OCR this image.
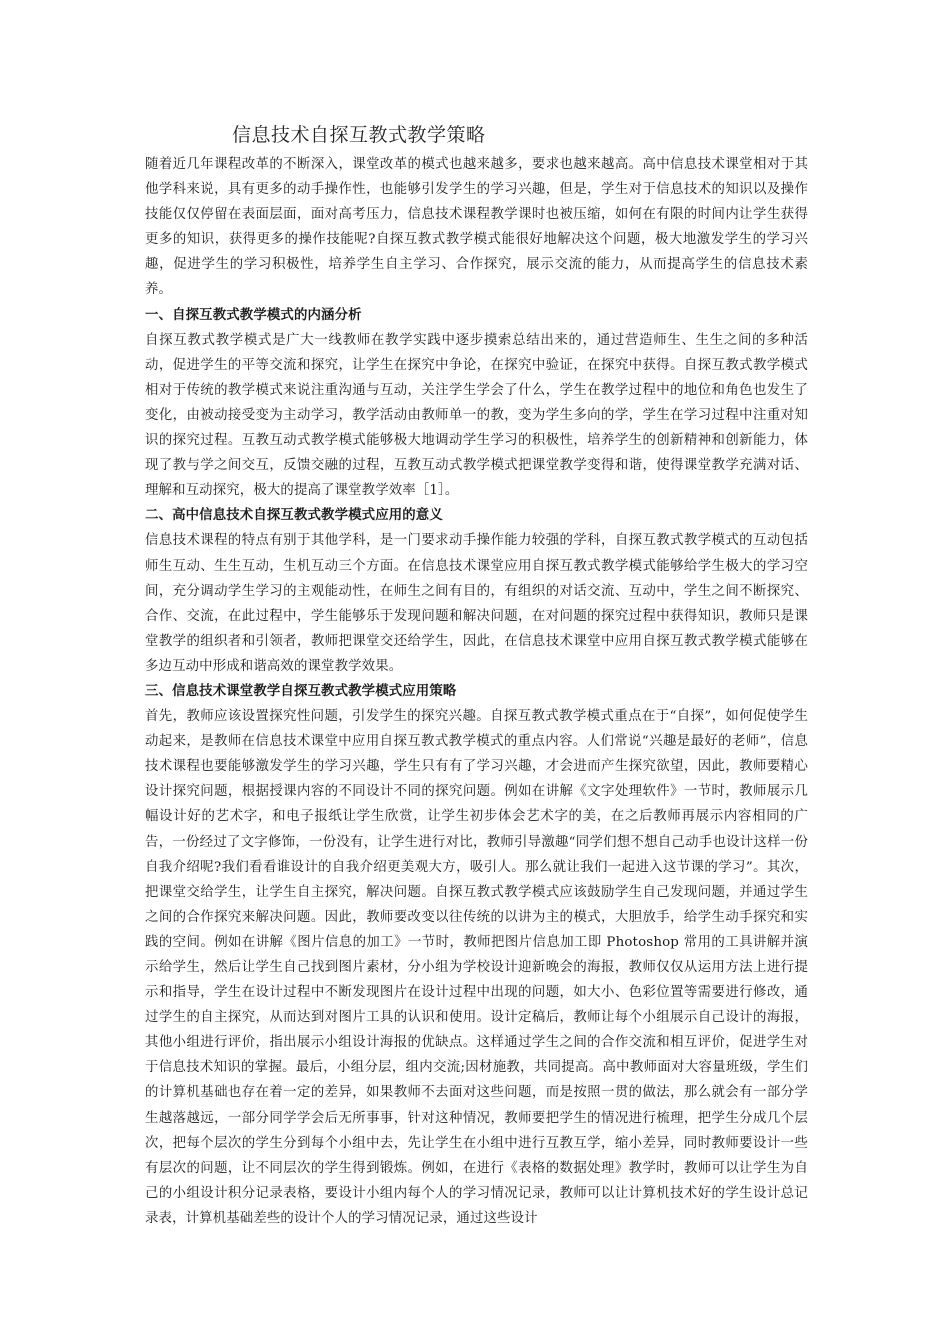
信息技术自探互教式教学策略

随着近几年课程改革的不断深入，课堂改革的模式也越来越多，要求也越来越高。高中信息技术课堂相对于其他学科来说，具有更多的动手操作性，也能够引发学生的学习兴趣，但是，学生对于信息技术的知识以及操作技能仅仅停留在表面层面，面对高考压力，信息技术课程教学课时也被压缩，如何在有限的时间内让学生获得更多的知识，获得更多的操作技能呢?自探互教式教学模式能很好地解决这个问题，极大地激发学生的学习兴趣，促进学生的学习积极性，培养学生自主学习、合作探究，展示交流的能力，从而提高学生的信息技术素养。

一、自探互教式教学模式的内涵分析

自探互教式教学模式是广大一线教师在教学实践中逐步摸索总结出来的，通过营造师生、生生之间的多种活动，促进学生的平等交流和探究，让学生在探究中争论，在探究中验证，在探究中获得。自探互教式教学模式相对于传统的教学模式来说注重沟通与互动，关注学生学会了什么，学生在教学过程中的地位和角色也发生了变化，由被动接受变为主动学习，教学活动由教师单一的教，变为学生多向的学，学生在学习过程中注重对知识的探究过程。互教互动式教学模式能够极大地调动学生学习的积极性，培养学生的创新精神和创新能力，体现了教与学之间交互，反馈交融的过程，互教互动式教学模式把课堂教学变得和谐，使得课堂教学充满对话、理解和互动探究，极大的提高了课堂教学效率［1］。

二、高中信息技术自探互教式教学模式应用的意义

信息技术课程的特点有别于其他学科，是一门要求动手操作能力较强的学科，自探互教式教学模式的互动包括师生互动、生生互动，生机互动三个方面。在信息技术课堂应用自探互教式教学模式能够给学生极大的学习空间，充分调动学生学习的主观能动性，在师生之间有目的，有组织的对话交流、互动中，学生之间不断探究、合作、交流，在此过程中，学生能够乐于发现问题和解决问题，在对问题的探究过程中获得知识，教师只是课堂教学的组织者和引领者，教师把课堂交还给学生，因此，在信息技术课堂中应用自探互教式教学模式能够在多边互动中形成和谐高效的课堂教学效果。

三、信息技术课堂教学自探互教式教学模式应用策略

首先，教师应该设置探究性问题，引发学生的探究兴趣。自探互教式教学模式重点在于“自探”，如何促使学生动起来，是教师在信息技术课堂中应用自探互教式教学模式的重点内容。人们常说“兴趣是最好的老师”，信息技术课程也要能够激发学生的学习兴趣，学生只有有了学习兴趣，才会进而产生探究欲望，因此，教师要精心设计探究问题，根据授课内容的不同设计不同的探究问题。例如在讲解《文字处理软件》一节时，教师展示几幅设计好的艺术字，和电子报纸让学生欣赏，让学生初步体会艺术字的美，在之后教师再展示内容相同的广告，一份经过了文字修饰，一份没有，让学生进行对比，教师引导激趣“同学们想不想自己动手也设计这样一份自我介绍呢?我们看看谁设计的自我介绍更美观大方，吸引人。那么就让我们一起进入这节课的学习”。其次，把课堂交给学生，让学生自主探究，解决问题。自探互教式教学模式应该鼓励学生自己发现问题，并通过学生之间的合作探究来解决问题。因此，教师要改变以往传统的以讲为主的模式，大胆放手，给学生动手探究和实践的空间。例如在讲解《图片信息的加工》一节时，教师把图片信息加工即 Photoshop 常用的工具讲解并演示给学生，然后让学生自己找到图片素材，分小组为学校设计迎新晚会的海报，教师仅仅从运用方法上进行提示和指导，学生在设计过程中不断发现图片在设计过程中出现的问题，如大小、色彩位置等需要进行修改，通过学生的自主探究，从而达到对图片工具的认识和使用。设计定稿后，教师让每个小组展示自己设计的海报，其他小组进行评价，指出展示小组设计海报的优缺点。这样通过学生之间的合作交流和相互评价，促进学生对于信息技术知识的掌握。最后，小组分层，组内交流;因材施教，共同提高。高中教师面对大容量班级，学生们的计算机基础也存在着一定的差异，如果教师不去面对这些问题，而是按照一贯的做法，那么就会有一部分学生越落越远，一部分同学学会后无所事事，针对这种情况，教师要把学生的情况进行梳理，把学生分成几个层次，把每个层次的学生分到每个小组中去，先让学生在小组中进行互教互学，缩小差异，同时教师要设计一些有层次的问题，让不同层次的学生得到锻炼。例如，在进行《表格的数据处理》教学时，教师可以让学生为自己的小组设计积分记录表格，要设计小组内每个人的学习情况记录，教师可以让计算机技术好的学生设计总记录表，计算机基础差些的设计个人的学习情况记录，通过这些设计
